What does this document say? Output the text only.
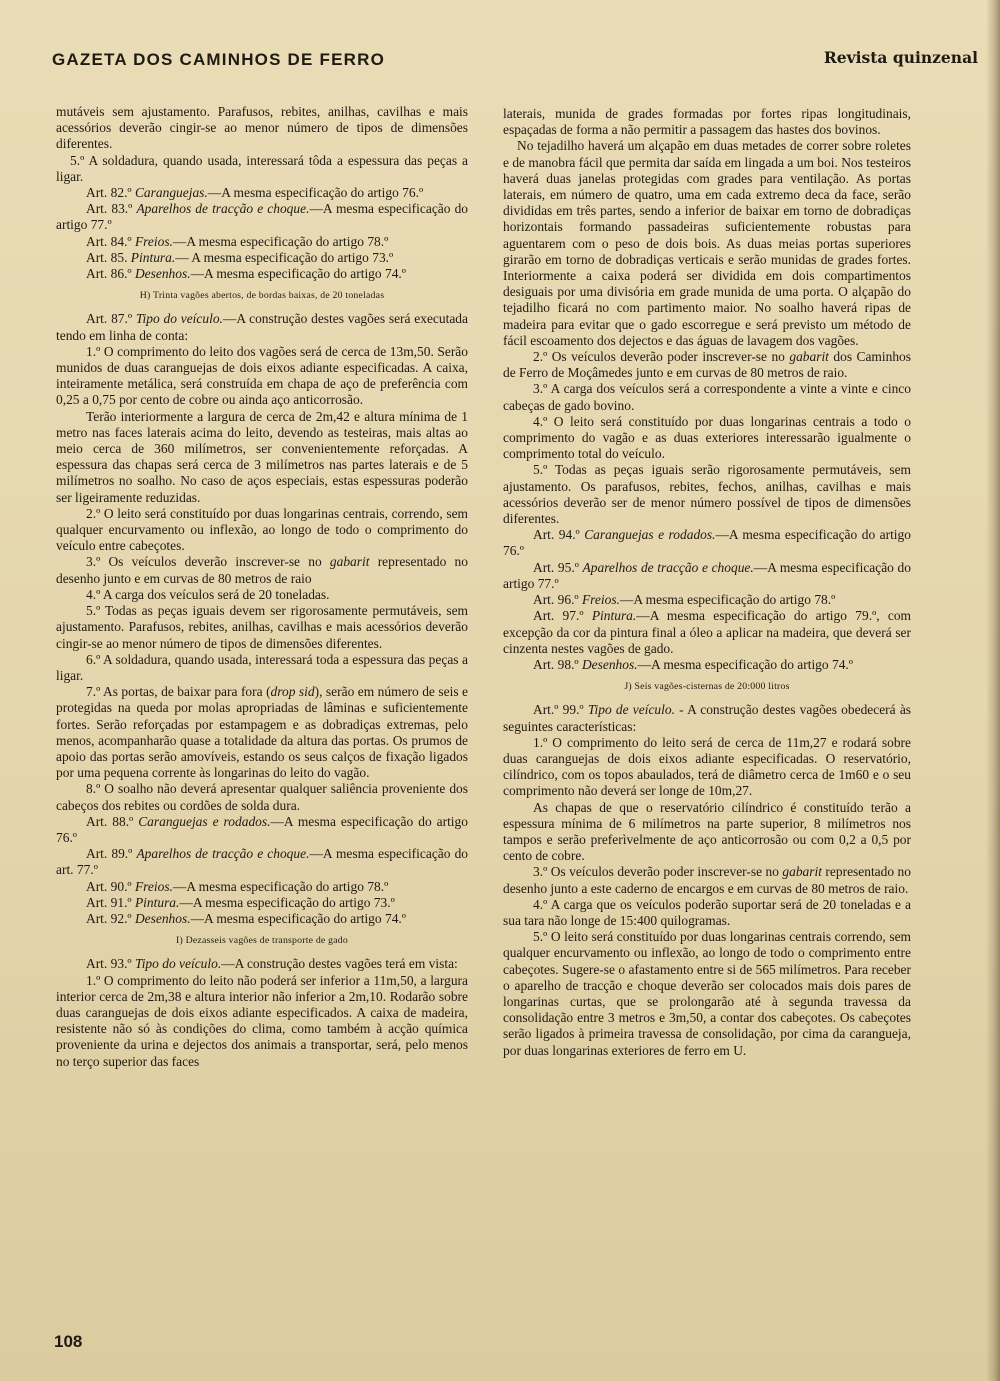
GAZETA DOS CAMINHOS DE FERRO	Revista quinzenal

mutáveis sem ajustamento. Parafusos, rebites, anilhas, cavilhas e mais acessórios deverão cingir-se ao menor número de tipos de dimensões diferentes.

5.º A soldadura, quando usada, interessará tôda a espessura das peças a ligar.

Art. 82.º Caranguejas.—A mesma especificação do artigo 76.º

Art. 83.º Aparelhos de tracção e choque.—A mesma especificação do artigo 77.º

Art. 84.º Freios.—A mesma especificação do artigo 78.º

Art. 85. Pintura.— A mesma especificação do artigo 73.º

Art. 86.º Desenhos.—A mesma especificação do artigo 74.º

H) Trinta vagões abertos, de bordas baixas, de 20 toneladas

Art. 87.º Tipo do veículo.—A construção destes vagões será executada tendo em linha de conta:

1.º O comprimento do leito dos vagões será de cerca de 13m,50. Serão munidos de duas caranguejas de dois eixos adiante especificadas. A caixa, inteiramente metálica, será construída em chapa de aço de preferência com 0,25 a 0,75 por cento de cobre ou ainda aço anticorrosão.

Terão interiormente a largura de cerca de 2m,42 e altura mínima de 1 metro nas faces laterais acima do leito, devendo as testeiras, mais altas ao meio cerca de 360 milímetros, ser convenientemente reforçadas. A espessura das chapas será cerca de 3 milímetros nas partes laterais e de 5 milímetros no soalho. No caso de aços especiais, estas espessuras poderão ser ligeiramente reduzidas.

2.º O leito será constituído por duas longarinas centrais, correndo, sem qualquer encurvamento ou inflexão, ao longo de todo o comprimento do veículo entre cabeçotes.

3.º Os veículos deverão inscrever-se no gabarit representado no desenho junto e em curvas de 80 metros de raio

4.º A carga dos veículos será de 20 toneladas.

5.º Todas as peças iguais devem ser rigorosamente permutáveis, sem ajustamento. Parafusos, rebites, anilhas, cavilhas e mais acessórios deverão cingir-se ao menor número de tipos de dimensões diferentes.

6.º A soldadura, quando usada, interessará toda a espessura das peças a ligar.

7.º As portas, de baixar para fora (drop sid), serão em número de seis e protegidas na queda por molas apropriadas de lâminas e suficientemente fortes. Serão reforçadas por estampagem e as dobradiças extremas, pelo menos, acompanharão quase a totalidade da altura das portas. Os prumos de apoio das portas serão amovíveis, estando os seus calços de fixação ligados por uma pequena corrente às longarinas do leito do vagão.

8.º O soalho não deverá apresentar qualquer saliência proveniente dos cabeços dos rebites ou cordões de solda dura.

Art. 88.º Caranguejas e rodados.—A mesma especificação do artigo 76.º

Art. 89.º Aparelhos de tracção e choque.—A mesma especificação do art. 77.º

Art. 90.º Freios.—A mesma especificação do artigo 78.º

Art. 91.º Pintura.—A mesma especificação do artigo 73.º

Art. 92.º Desenhos.—A mesma especificação do artigo 74.º

I) Dezasseis vagões de transporte de gado

Art. 93.º Tipo do veículo.—A construção destes vagões terá em vista:

1.º O comprimento do leito não poderá ser inferior a 11m,50, a largura interior cerca de 2m,38 e altura interior não inferior a 2m,10. Rodarão sobre duas caranguejas de dois eixos adiante especificados. A caixa de madeira, resistente não só às condições do clima, como também à acção química proveniente da urina e dejectos dos animais a transportar, será, pelo menos no terço superior das faces

laterais, munida de grades formadas por fortes ripas longitudinais, espaçadas de forma a não permitir a passagem das hastes dos bovinos.

No tejadilho haverá um alçapão em duas metades de correr sobre roletes e de manobra fácil que permita dar saída em lingada a um boi. Nos testeiros haverá duas janelas protegidas com grades para ventilação. As portas laterais, em número de quatro, uma em cada extremo deca da face, serão divididas em três partes, sendo a inferior de baixar em torno de dobradiças horizontais formando passadeiras suficientemente robustas para aguentarem com o peso de dois bois. As duas meias portas superiores girarão em torno de dobradiças verticais e serão munidas de grades fortes. Interiormente a caixa poderá ser dividida em dois compartimentos desiguais por uma divisória em grade munida de uma porta. O alçapão do tejadilho ficará no com partimento maior. No soalho haverá ripas de madeira para evitar que o gado escorregue e será previsto um método de fácil escoamento dos dejectos e das águas de lavagem dos vagões.

2.º Os veículos deverão poder inscrever-se no gabarit dos Caminhos de Ferro de Moçâmedes junto e em curvas de 80 metros de raio.

3.º A carga dos veículos será a correspondente a vinte a vinte e cinco cabeças de gado bovino.

4.º O leito será constituído por duas longarinas centrais a todo o comprimento do vagão e as duas exteriores interessarão igualmente o comprimento total do veículo.

5.º Todas as peças iguais serão rigorosamente permutáveis, sem ajustamento. Os parafusos, rebites, fechos, anilhas, cavilhas e mais acessórios deverão ser de menor número possível de tipos de dimensões diferentes.

Art. 94.º Caranguejas e rodados.—A mesma especificação do artigo 76.º

Art. 95.º Aparelhos de tracção e choque.—A mesma especificação do artigo 77.º

Art. 96.º Freios.—A mesma especificação do artigo 78.º

Art. 97.º Pintura.—A mesma especificação do artigo 79.º, com excepção da cor da pintura final a óleo a aplicar na madeira, que deverá ser cinzenta nestes vagões de gado.

Art. 98.º Desenhos.—A mesma especificação do artigo 74.º

J) Seis vagões-cisternas de 20:000 litros

Art.º 99.º Tipo de veículo. - A construção destes vagões obedecerá às seguintes características:

1.º O comprimento do leito será de cerca de 11m,27 e rodará sobre duas caranguejas de dois eixos adiante especificadas. O reservatório, cilíndrico, com os topos abaulados, terá de diâmetro cerca de 1m60 e o seu comprimento não deverá ser longe de 10m,27.

As chapas de que o reservatório cilíndrico é constituído terão a espessura mínima de 6 milímetros na parte superior, 8 milímetros nos tampos e serão preferìvelmente de aço anticorrosão ou com 0,2 a 0,5 por cento de cobre.

3.º Os veículos deverão poder inscrever-se no gabarit representado no desenho junto a este caderno de encargos e em curvas de 80 metros de raio.

4.º A carga que os veículos poderão suportar será de 20 toneladas e a sua tara não longe de 15:400 quilogramas.

5.º O leito será constituído por duas longarinas centrais correndo, sem qualquer encurvamento ou inflexão, ao longo de todo o comprimento entre cabeçotes. Sugere-se o afastamento entre si de 565 milímetros. Para receber o aparelho de tracção e choque deverão ser colocados mais dois pares de longarinas curtas, que se prolongarão até à segunda travessa da consolidação entre 3 metros e 3m,50, a contar dos cabeçotes. Os cabeçotes serão ligados à primeira travessa de consolidação, por cima da carangueja, por duas longarinas exteriores de ferro em U.

108
